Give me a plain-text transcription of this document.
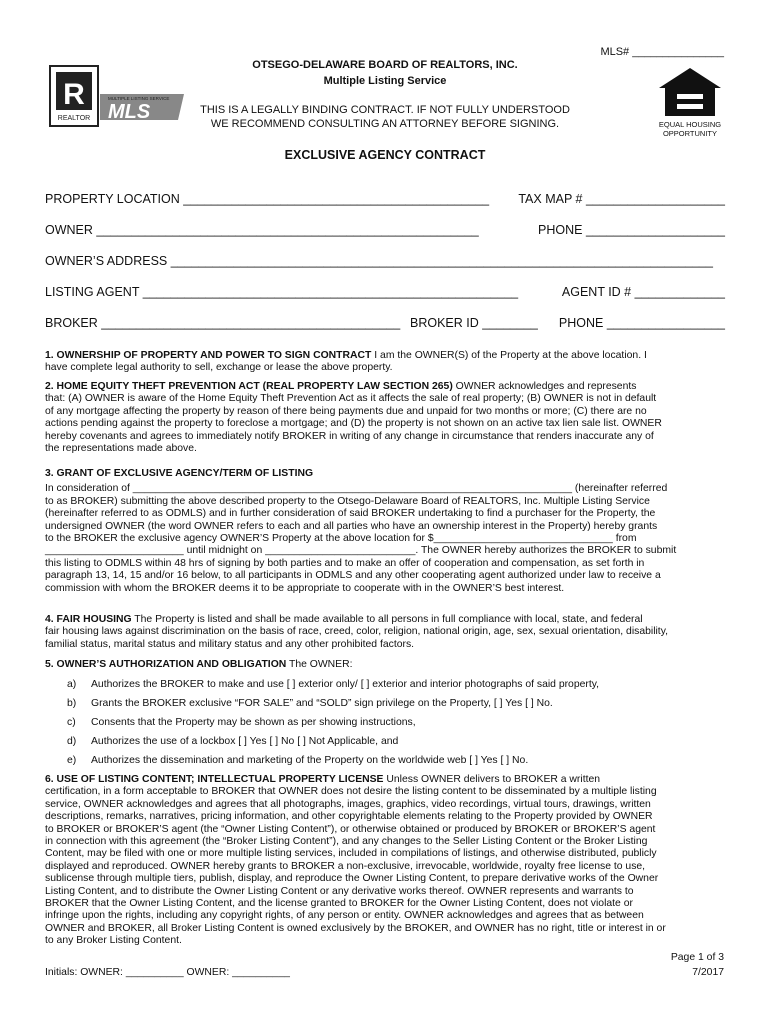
R
REALTOR
MULTIPLE LISTING SERVICE
MLS
EQUAL HOUSING
OPPORTUNITY
MLS# _______________
OTSEGO-DELAWARE BOARD OF REALTORS, INC.
Multiple Listing Service
THIS IS A LEGALLY BINDING CONTRACT. IF NOT FULLY UNDERSTOOD
WE RECOMMEND CONSULTING AN ATTORNEY BEFORE SIGNING.
EXCLUSIVE AGENCY CONTRACT
PROPERTY LOCATION ____________________________________________ TAX MAP # ____________________
OWNER _______________________________________________________	PHONE ____________________
OWNER’S ADDRESS ______________________________________________________________________________
LISTING AGENT ______________________________________________________	AGENT ID # _____________
BROKER ___________________________________________ BROKER ID ________ PHONE _________________
1. OWNERSHIP OF PROPERTY AND POWER TO SIGN CONTRACT I am the OWNER(S) of the Property at the above location. I
have complete legal authority to sell, exchange or lease the above property.
2. HOME EQUITY THEFT PREVENTION ACT (REAL PROPERTY LAW SECTION 265) OWNER acknowledges and represents
that: (A) OWNER is aware of the Home Equity Theft Prevention Act as it affects the sale of real property; (B) OWNER is not in default
of any mortgage affecting the property by reason of there being payments due and unpaid for two months or more; (C) there are no
actions pending against the property to foreclose a mortgage; and (D) the property is not shown on an active tax lien sale list. OWNER
hereby covenants and agrees to immediately notify BROKER in writing of any change in circumstance that renders inaccurate any of
the representations made above.
3. GRANT OF EXCLUSIVE AGENCY/TERM OF LISTING
In consideration of ____________________________________________________________________________ (hereinafter referred
to as BROKER) submitting the above described property to the Otsego-Delaware Board of REALTORS, Inc. Multiple Listing Service
(hereinafter referred to as ODMLS) and in further consideration of said BROKER undertaking to find a purchaser for the Property, the
undersigned OWNER (the word OWNER refers to each and all parties who have an ownership interest in the Property) hereby grants
to the BROKER the exclusive agency OWNER’S Property at the above location for $_______________________________ from
________________________ until midnight on __________________________. The OWNER hereby authorizes the BROKER to submit
this listing to ODMLS within 48 hrs of signing by both parties and to make an offer of cooperation and compensation, as set forth in
paragraph 13, 14, 15 and/or 16 below, to all participants in ODMLS and any other cooperating agent authorized under law to receive a
commission with whom the BROKER deems it to be appropriate to cooperate with in the OWNER’S best interest.
4. FAIR HOUSING The Property is listed and shall be made available to all persons in full compliance with local, state, and federal
fair housing laws against discrimination on the basis of race, creed, color, religion, national origin, age, sex, sexual orientation, disability,
familial status, marital status and military status and any other prohibited factors.
5. OWNER’S AUTHORIZATION AND OBLIGATION The OWNER:
a) Authorizes the BROKER to make and use [ ] exterior only/ [ ] exterior and interior photographs of said property,
b) Grants the BROKER exclusive “FOR SALE” and “SOLD” sign privilege on the Property, [ ] Yes [ ] No.
c) Consents that the Property may be shown as per showing instructions,
d) Authorizes the use of a lockbox [ ] Yes [ ] No [ ] Not Applicable, and
e) Authorizes the dissemination and marketing of the Property on the worldwide web [ ] Yes [ ] No.
6. USE OF LISTING CONTENT; INTELLECTUAL PROPERTY LICENSE Unless OWNER delivers to BROKER a written
certification, in a form acceptable to BROKER that OWNER does not desire the listing content to be disseminated by a multiple listing
service, OWNER acknowledges and agrees that all photographs, images, graphics, video recordings, virtual tours, drawings, written
descriptions, remarks, narratives, pricing information, and other copyrightable elements relating to the Property provided by OWNER
to BROKER or BROKER’S agent (the “Owner Listing Content”), or otherwise obtained or produced by BROKER or BROKER’S agent
in connection with this agreement (the “Broker Listing Content”), and any changes to the Seller Listing Content or the Broker Listing
Content, may be filed with one or more multiple listing services, included in compilations of listings, and otherwise distributed, publicly
displayed and reproduced. OWNER hereby grants to BROKER a non-exclusive, irrevocable, worldwide, royalty free license to use,
sublicense through multiple tiers, publish, display, and reproduce the Owner Listing Content, to prepare derivative works of the Owner
Listing Content, and to distribute the Owner Listing Content or any derivative works thereof. OWNER represents and warrants to
BROKER that the Owner Listing Content, and the license granted to BROKER for the Owner Listing Content, does not violate or
infringe upon the rights, including any copyright rights, of any person or entity. OWNER acknowledges and agrees that as between
OWNER and BROKER, all Broker Listing Content is owned exclusively by the BROKER, and OWNER has no right, title or interest in or
to any Broker Listing Content.
Initials: OWNER: __________ OWNER: __________
Page 1 of 3
7/2017
